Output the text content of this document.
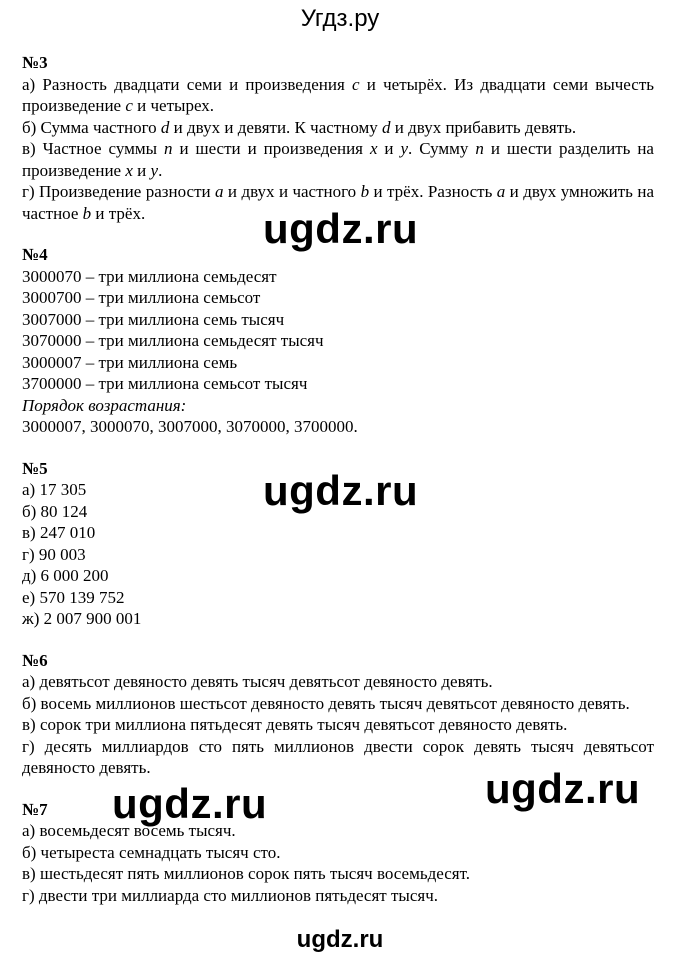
Угдз.ру

№3

а) Разность двадцати семи и произведения c и четырёх. Из двадцати семи вычесть произведение c и четырех.

б) Сумма частного d и двух и девяти. К частному d и двух прибавить девять.

в) Частное суммы n и шести и произведения x и y. Сумму n и шести разделить на произведение x и y.

г) Произведение разности a и двух и частного b и трёх. Разность a и двух умножить на частное b и трёх.

№4

3000070 – три миллиона семьдесят

3000700 – три миллиона семьсот

3007000 – три миллиона семь тысяч

3070000 – три миллиона семьдесят тысяч

3000007 – три миллиона семь

3700000 – три миллиона семьсот тысяч

Порядок возрастания:

3000007, 3000070, 3007000, 3070000, 3700000.

№5

а) 17 305

б) 80 124

в) 247 010

г) 90 003

д) 6 000 200

е) 570 139 752

ж) 2 007 900 001

№6

а) девятьсот девяносто девять тысяч девятьсот девяносто девять.

б) восемь миллионов шестьсот девяносто девять тысяч девятьсот девяносто девять.

в) сорок три миллиона пятьдесят девять тысяч девятьсот девяносто девять.

г) десять миллиардов сто пять миллионов двести сорок девять тысяч девятьсот девяносто девять.

№7

а) восемьдесят восемь тысяч.

б) четыреста семнадцать тысяч сто.

в) шестьдесят пять миллионов сорок пять тысяч восемьдесят.

г) двести три миллиарда сто миллионов пятьдесят тысяч.

ugdz.ru
ugdz.ru
ugdz.ru	ugdz.ru
ugdz.ru
